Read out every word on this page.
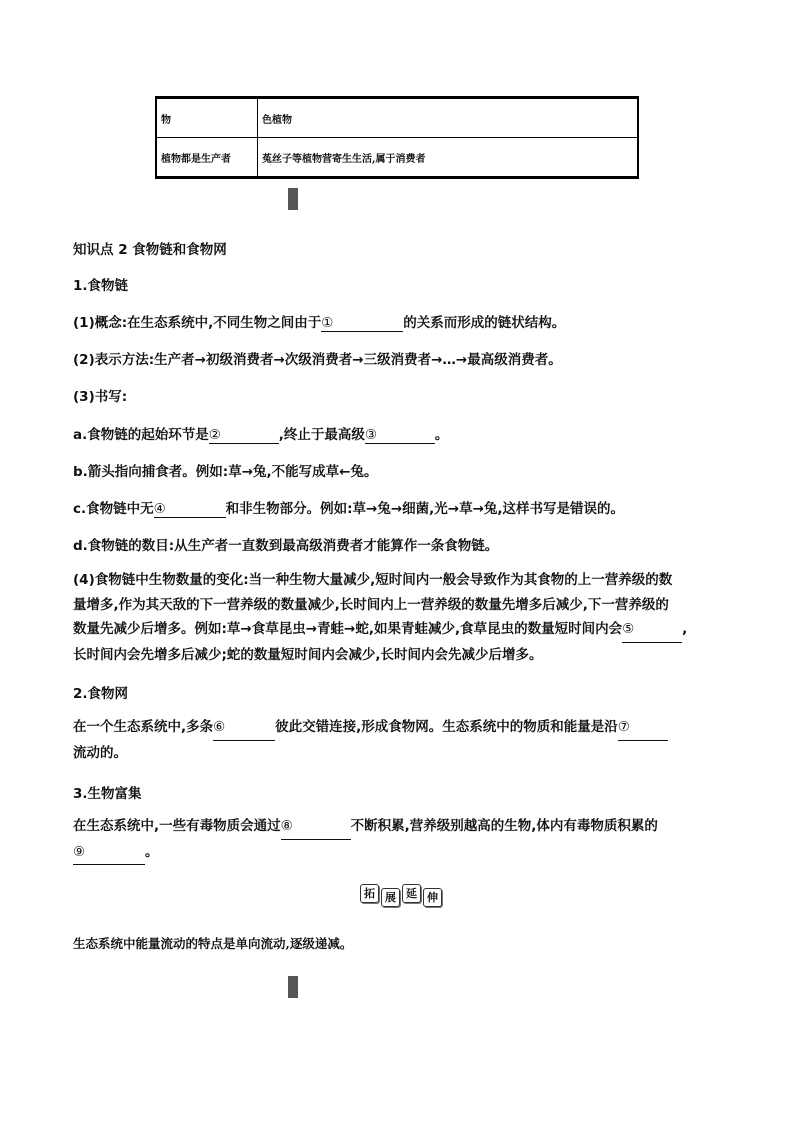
物	色植物
植物都是生产者	菟丝子等植物营寄生生活,属于消费者
知识点 2 食物链和食物网
1.食物链
(1)概念:在生态系统中,不同生物之间由于①	的关系而形成的链状结构。
(2)表示方法:生产者→初级消费者→次级消费者→三级消费者→…→最高级消费者。
(3)书写:
a.食物链的起始环节是②	,终止于最高级③	。
b.箭头指向捕食者。例如:草→兔,不能写成草←兔。
c.食物链中无④	和非生物部分。例如:草→兔→细菌,光→草→兔,这样书写是错误的。
d.食物链的数目:从生产者一直数到最高级消费者才能算作一条食物链。
(4)食物链中生物数量的变化:当一种生物大量减少,短时间内一般会导致作为其食物的上一营养级的数
量增多,作为其天敌的下一营养级的数量减少,长时间内上一营养级的数量先增多后减少,下一营养级的
数量先减少后增多。例如:草→食草昆虫→青蛙→蛇,如果青蛙减少,食草昆虫的数量短时间内会⑤	,
长时间内会先增多后减少;蛇的数量短时间内会减少,长时间内会先减少后增多。
2.食物网
在一个生态系统中,多条⑥	彼此交错连接,形成食物网。生态系统中的物质和能量是沿⑦
流动的。
3.生物富集
在生态系统中,一些有毒物质会通过⑧	不断积累,营养级别越高的生物,体内有毒物质积累的
⑨	。
拓 展 延 伸
生态系统中能量流动的特点是单向流动,逐级递减。
